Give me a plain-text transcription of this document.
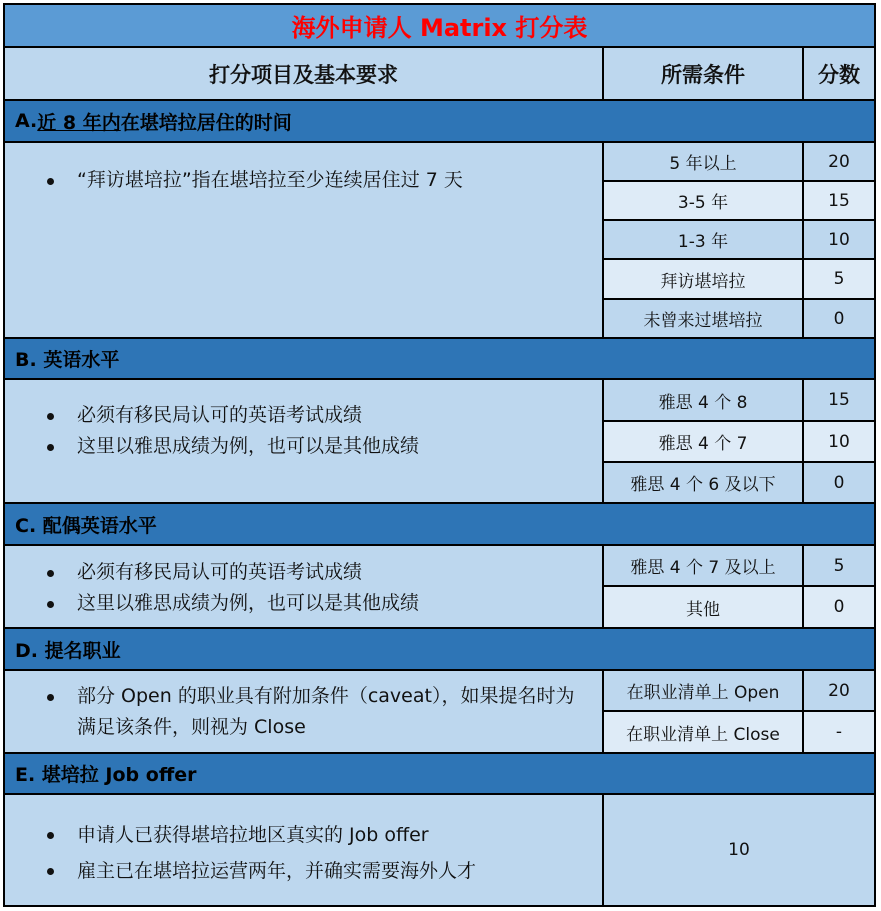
海外申请人 Matrix 打分表
打分项目及基本要求	所需条件	分数
A. 近 8 年内 在堪培拉居住的时间
“拜访堪培拉”指在堪培拉至少连续居住过 7 天
5 年以上	20
3-5 年	15
1-3 年	10
拜访堪培拉	5
未曾来过堪培拉	0
B. 英语水平
必须有移民局认可的英语考试成绩
这里以雅思成绩为例，也可以是其他成绩
雅思 4 个 8	15
雅思 4 个 7	10
雅思 4 个 6 及以下	0
C. 配偶英语水平
必须有移民局认可的英语考试成绩
这里以雅思成绩为例，也可以是其他成绩
雅思 4 个 7 及以上	5
其他	0
D. 提名职业
部分 Open 的职业具有附加条件（caveat），如果提名时为满足该条件，则视为 Close
在职业清单上 Open	20
在职业清单上 Close	-
E. 堪培拉 Job offer
申请人已获得堪培拉地区真实的 Job offer
雇主已在堪培拉运营两年，并确实需要海外人才
10
